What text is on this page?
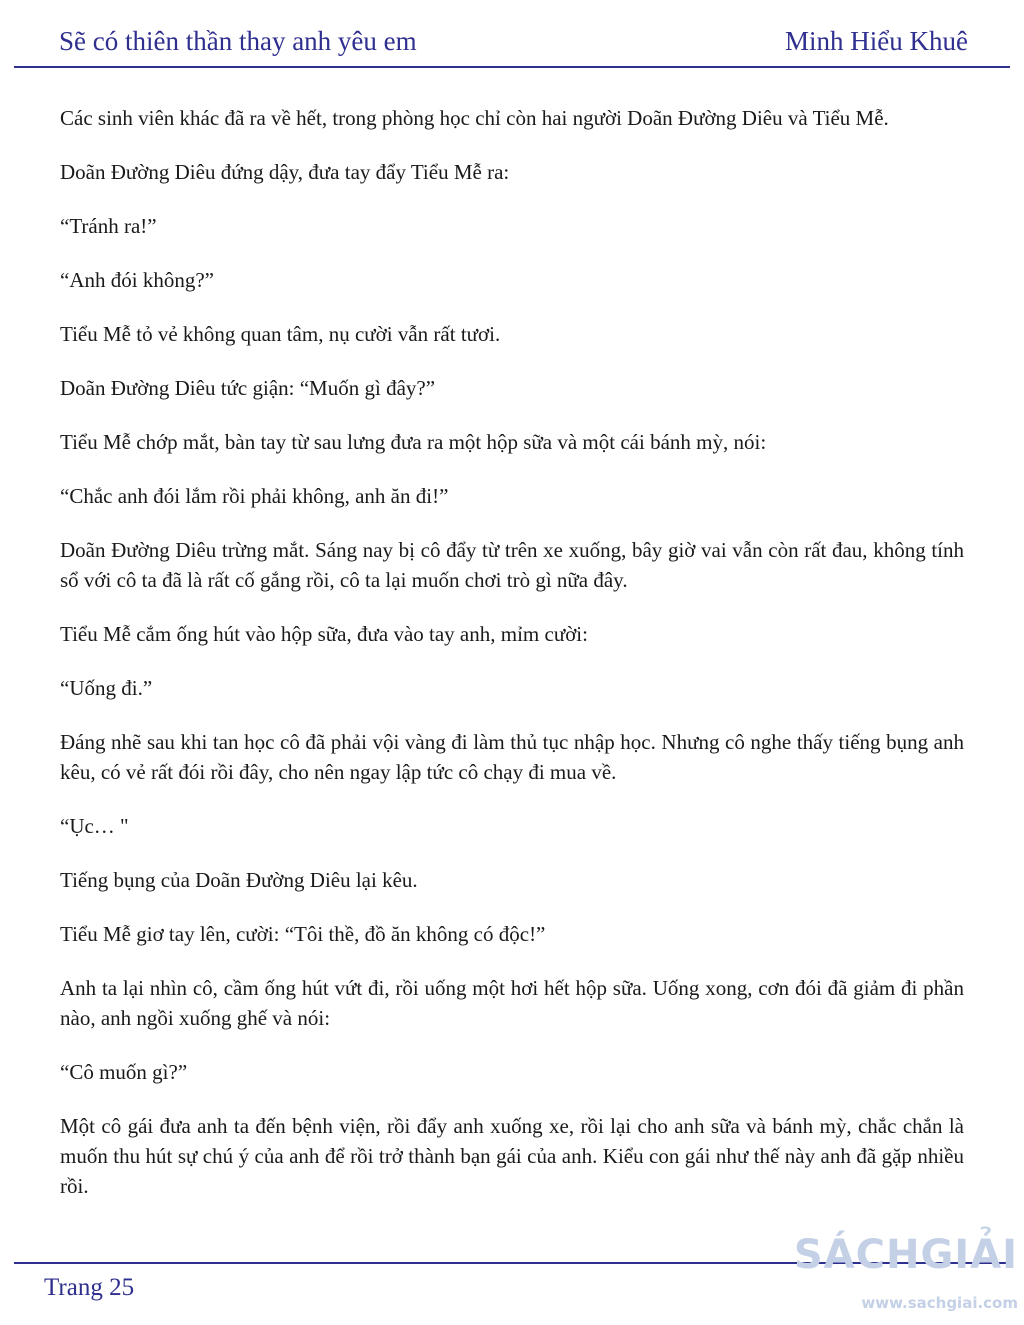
Sẽ có thiên thần thay anh yêu em	Minh Hiểu Khuê

Các sinh viên khác đã ra về hết, trong phòng học chỉ còn hai người Doãn Đường Diêu và Tiểu Mễ.

Doãn Đường Diêu đứng dậy, đưa tay đẩy Tiểu Mễ ra:

“Tránh ra!”

“Anh đói không?”

Tiểu Mễ tỏ vẻ không quan tâm, nụ cười vẫn rất tươi.

Doãn Đường Diêu tức giận: “Muốn gì đây?”

Tiểu Mễ chớp mắt, bàn tay từ sau lưng đưa ra một hộp sữa và một cái bánh mỳ, nói:

“Chắc anh đói lắm rồi phải không, anh ăn đi!”

Doãn Đường Diêu trừng mắt. Sáng nay bị cô đẩy từ trên xe xuống, bây giờ vai vẫn còn rất đau, không tính sổ với cô ta đã là rất cố gắng rồi, cô ta lại muốn chơi trò gì nữa đây.

Tiểu Mễ cắm ống hút vào hộp sữa, đưa vào tay anh, mỉm cười:

“Uống đi.”

Đáng nhẽ sau khi tan học cô đã phải vội vàng đi làm thủ tục nhập học. Nhưng cô nghe thấy tiếng bụng anh kêu, có vẻ rất đói rồi đây, cho nên ngay lập tức cô chạy đi mua về.

“Ục… "

Tiếng bụng của Doãn Đường Diêu lại kêu.

Tiểu Mễ giơ tay lên, cười: “Tôi thề, đồ ăn không có độc!”

Anh ta lại nhìn cô, cầm ống hút vứt đi, rồi uống một hơi hết hộp sữa. Uống xong, cơn đói đã giảm đi phần nào, anh ngồi xuống ghế và nói:

“Cô muốn gì?”

Một cô gái đưa anh ta đến bệnh viện, rồi đẩy anh xuống xe, rồi lại cho anh sữa và bánh mỳ, chắc chắn là muốn thu hút sự chú ý của anh để rồi trở thành bạn gái của anh. Kiểu con gái như thế này anh đã gặp nhiều rồi.

Trang 25
SÁCHGIẢI
www.sachgiai.com
